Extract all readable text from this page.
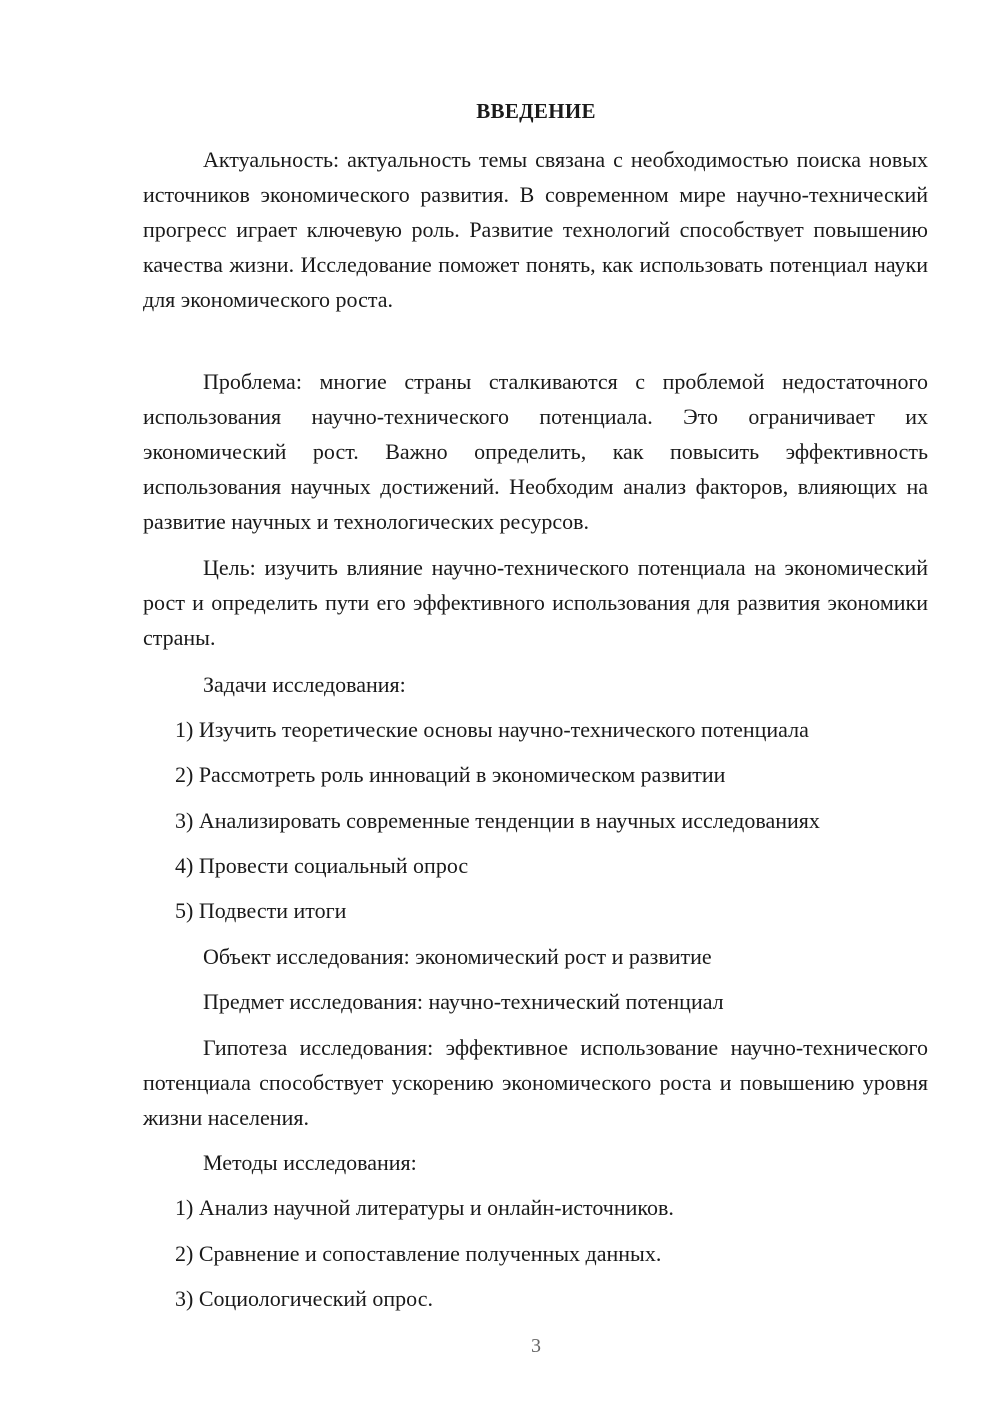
ВВЕДЕНИЕ

Актуальность: актуальность темы связана с необходимостью поиска новых источников экономического развития. В современном мире научно-технический прогресс играет ключевую роль. Развитие технологий способствует повышению качества жизни. Исследование поможет понять, как использовать потенциал науки для экономического роста.

Проблема: многие страны сталкиваются с проблемой недостаточного использования научно-технического потенциала. Это ограничивает их экономический рост. Важно определить, как повысить эффективность использования научных достижений. Необходим анализ факторов, влияющих на развитие научных и технологических ресурсов.

Цель: изучить влияние научно-технического потенциала на экономический рост и определить пути его эффективного использования для развития экономики страны.

Задачи исследования:

1) Изучить теоретические основы научно-технического потенциала

2) Рассмотреть роль инноваций в экономическом развитии

3) Анализировать современные тенденции в научных исследованиях

4) Провести социальный опрос

5) Подвести итоги

Объект исследования: экономический рост и развитие

Предмет исследования: научно-технический потенциал

Гипотеза исследования: эффективное использование научно-технического потенциала способствует ускорению экономического роста и повышению уровня жизни населения.

Методы исследования:

1) Анализ научной литературы и онлайн-источников.

2) Сравнение и сопоставление полученных данных.

3) Социологический опрос.

3
